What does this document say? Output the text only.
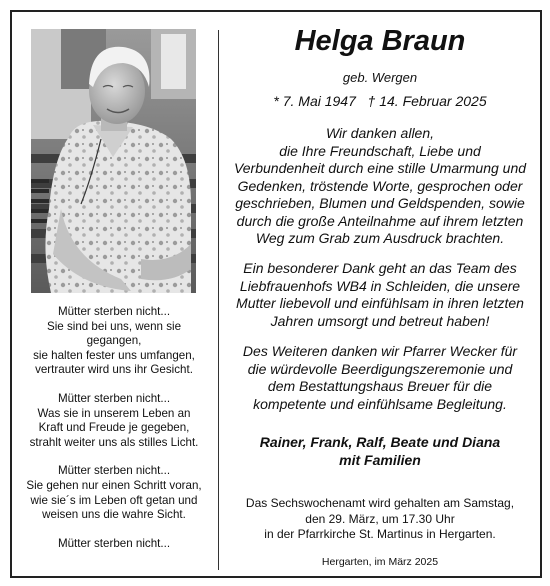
Mütter sterben nicht...
Sie sind bei uns, wenn sie
gegangen,
sie halten fester uns umfangen,
vertrauter wird uns ihr Gesicht.

Mütter sterben nicht...
Was sie in unserem Leben an
Kraft und Freude je gegeben,
strahlt weiter uns als stilles Licht.

Mütter sterben nicht...
Sie gehen nur einen Schritt voran,
wie sie´s im Leben oft getan und
weisen uns die wahre Sicht.

Mütter sterben nicht...

Helga Braun
geb. Wergen
* 7. Mai 1947   † 14. Februar 2025
Wir danken allen,
die Ihre Freundschaft, Liebe und
Verbundenheit durch eine stille Umarmung und
Gedenken, tröstende Worte, gesprochen oder
geschrieben, Blumen und Geldspenden, sowie
durch die große Anteilnahme auf ihrem letzten
Weg zum Grab zum Ausdruck brachten.
Ein besonderer Dank geht an das Team des
Liebfrauenhofs WB4 in Schleiden, die unsere
Mutter liebevoll und einfühlsam in ihren letzten
Jahren umsorgt und betreut haben!
Des Weiteren danken wir Pfarrer Wecker für
die würdevolle Beerdigungszeremonie und
dem Bestattungshaus Breuer für die
kompetente und einfühlsame Begleitung.
Rainer, Frank, Ralf, Beate und Diana
mit Familien
Das Sechswochenamt wird gehalten am Samstag,
den 29. März, um 17.30 Uhr
in der Pfarrkirche St. Martinus in Hergarten.
Hergarten, im März 2025
